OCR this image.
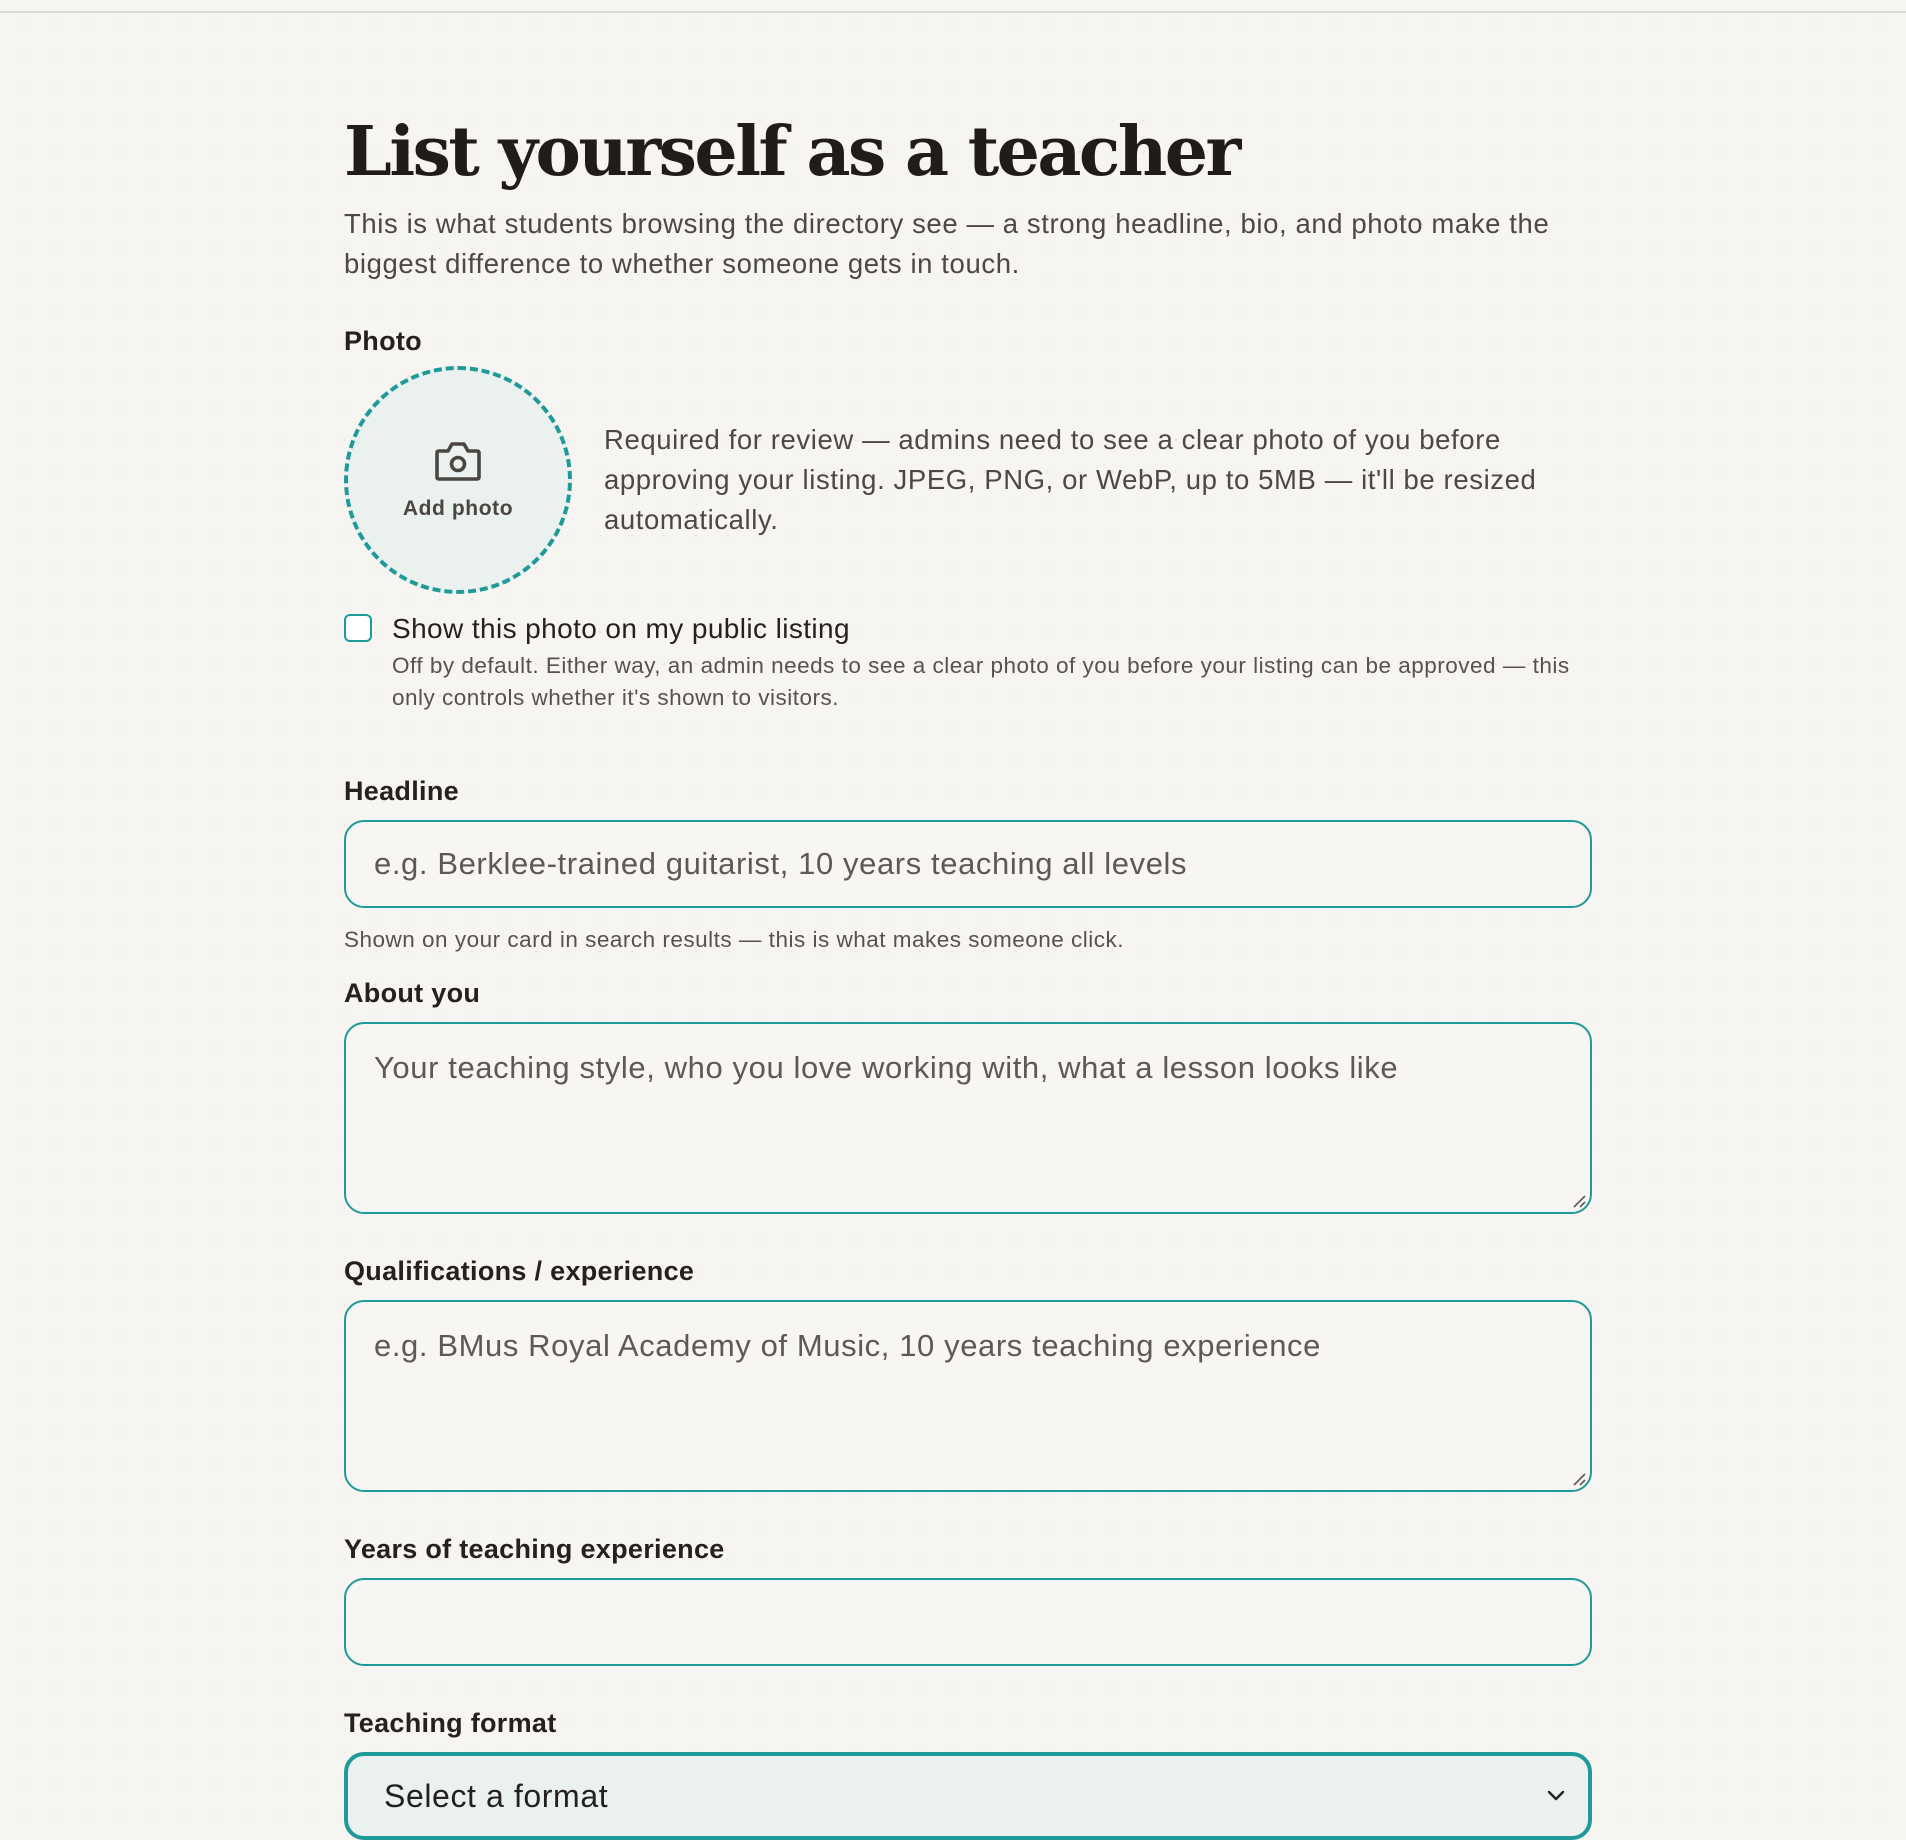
List yourself as a teacher

This is what students browsing the directory see — a strong headline, bio, and photo make the biggest difference to whether someone gets in touch.

Photo
Add photo
Required for review — admins need to see a clear photo of you before approving your listing. JPEG, PNG, or WebP, up to 5MB — it'll be resized automatically.
Show this photo on my public listing
Off by default. Either way, an admin needs to see a clear photo of you before your listing can be approved — this only controls whether it's shown to visitors.
Headline
e.g. Berklee-trained guitarist, 10 years teaching all levels
Shown on your card in search results — this is what makes someone click.
About you
Your teaching style, who you love working with, what a lesson looks like
Qualifications / experience
e.g. BMus Royal Academy of Music, 10 years teaching experience
Years of teaching experience
Teaching format
Select a format
